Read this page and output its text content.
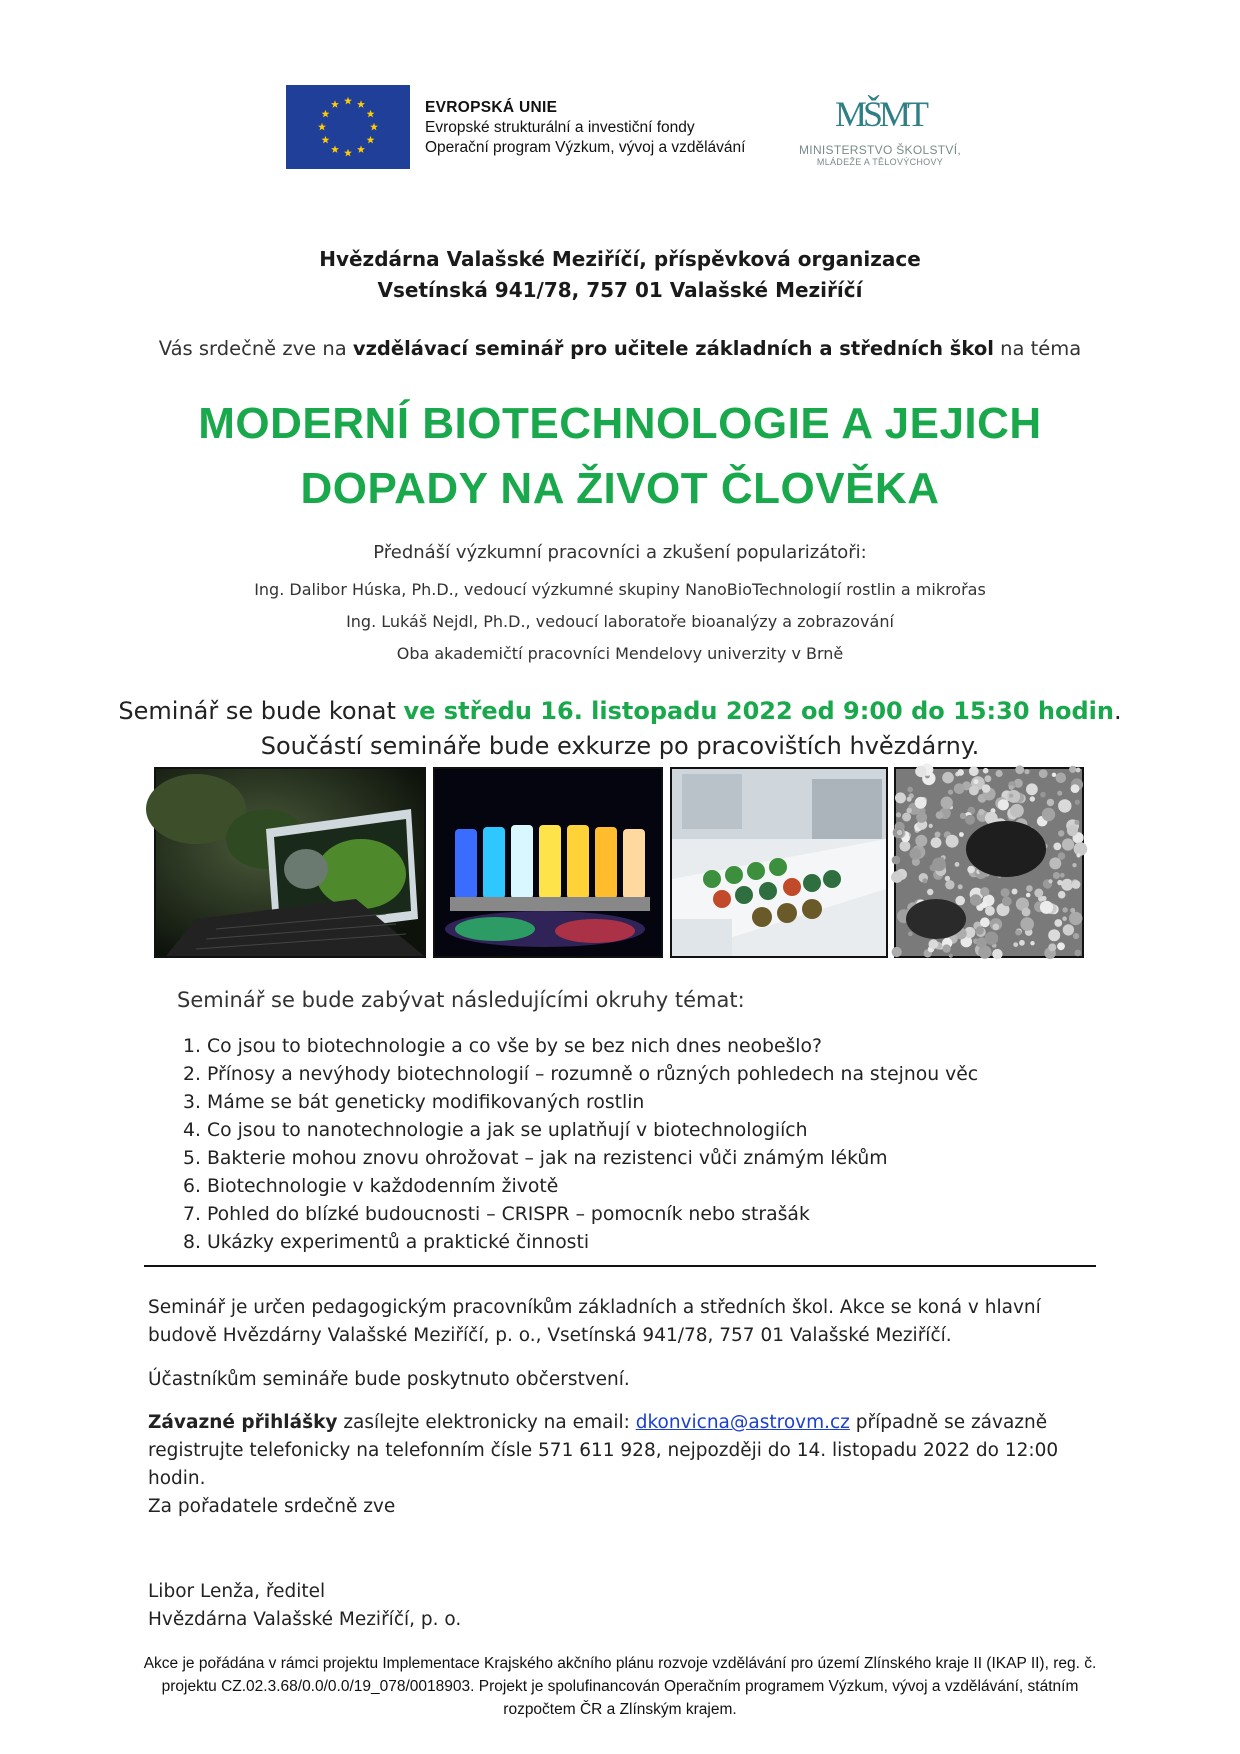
EVROPSKÁ UNIE
Evropské strukturální a investiční fondy
Operační program Výzkum, vývoj a vzdělávání
MŠMT
MINISTERSTVO ŠKOLSTVÍ,
MLÁDEŽE A TĚLOVÝCHOVY
Hvězdárna Valašské Meziříčí, příspěvková organizace
Vsetínská 941/78, 757 01 Valašské Meziříčí
Vás srdečně zve na vzdělávací seminář pro učitele základních a středních škol na téma
MODERNÍ BIOTECHNOLOGIE A JEJICH
DOPADY NA ŽIVOT ČLOVĚKA
Přednáší výzkumní pracovníci a zkušení popularizátoři:
Ing. Dalibor Húska, Ph.D., vedoucí výzkumné skupiny NanoBioTechnologií rostlin a mikrořas
Ing. Lukáš Nejdl, Ph.D., vedoucí laboratoře bioanalýzy a zobrazování
Oba akademičtí pracovníci Mendelovy univerzity v Brně
Seminář se bude konat ve středu 16. listopadu 2022 od 9:00 do 15:30 hodin.
Součástí semináře bude exkurze po pracovištích hvězdárny.
Seminář se bude zabývat následujícími okruhy témat:
1. Co jsou to biotechnologie a co vše by se bez nich dnes neobešlo?
2. Přínosy a nevýhody biotechnologií – rozumně o různých pohledech na stejnou věc
3. Máme se bát geneticky modifikovaných rostlin
4. Co jsou to nanotechnologie a jak se uplatňují v biotechnologiích
5. Bakterie mohou znovu ohrožovat – jak na rezistenci vůči známým lékům
6. Biotechnologie v každodenním životě
7. Pohled do blízké budoucnosti – CRISPR – pomocník nebo strašák
8. Ukázky experimentů a praktické činnosti
Seminář je určen pedagogickým pracovníkům základních a středních škol. Akce se koná v hlavní budově Hvězdárny Valašské Meziříčí, p. o., Vsetínská 941/78, 757 01 Valašské Meziříčí.
Účastníkům semináře bude poskytnuto občerstvení.
Závazné přihlášky zasílejte elektronicky na email: dkonvicna@astrovm.cz případně se závazně registrujte telefonicky na telefonním čísle 571 611 928, nejpozději do 14. listopadu 2022 do 12:00 hodin.
Za pořadatele srdečně zve
Libor Lenža, ředitel
Hvězdárna Valašské Meziříčí, p. o.
Akce je pořádána v rámci projektu Implementace Krajského akčního plánu rozvoje vzdělávání pro území Zlínského kraje II (IKAP II), reg. č. projektu CZ.02.3.68/0.0/0.0/19_078/0018903. Projekt je spolufinancován Operačním programem Výzkum, vývoj a vzdělávání, státním rozpočtem ČR a Zlínským krajem.
